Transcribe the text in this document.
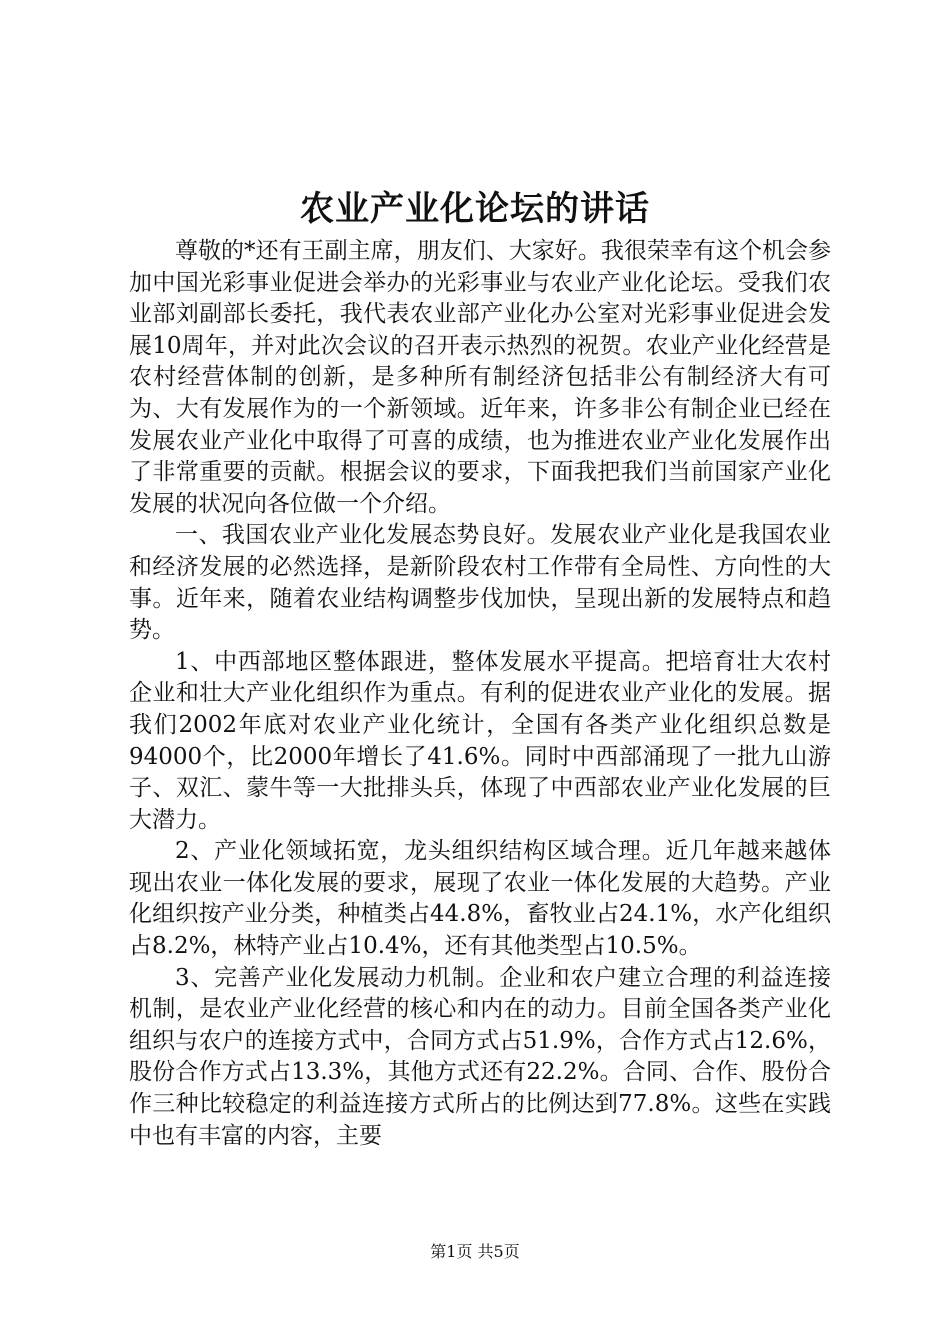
农业产业化论坛的讲话

尊敬的*还有王副主席，朋友们、大家好。我很荣幸有这个机会参加中国光彩事业促进会举办的光彩事业与农业产业化论坛。受我们农业部刘副部长委托，我代表农业部产业化办公室对光彩事业促进会发展10周年，并对此次会议的召开表示热烈的祝贺。农业产业化经营是农村经营体制的创新，是多种所有制经济包括非公有制经济大有可为、大有发展作为的一个新领域。近年来，许多非公有制企业已经在发展农业产业化中取得了可喜的成绩，也为推进农业产业化发展作出了非常重要的贡献。根据会议的要求，下面我把我们当前国家产业化发展的状况向各位做一个介绍。

一、我国农业产业化发展态势良好。发展农业产业化是我国农业和经济发展的必然选择，是新阶段农村工作带有全局性、方向性的大事。近年来，随着农业结构调整步伐加快，呈现出新的发展特点和趋势。

1、中西部地区整体跟进，整体发展水平提高。把培育壮大农村企业和壮大产业化组织作为重点。有利的促进农业产业化的发展。据我们2002年底对农业产业化统计，全国有各类产业化组织总数是94000个，比2000年增长了41.6%。同时中西部涌现了一批九山游子、双汇、蒙牛等一大批排头兵，体现了中西部农业产业化发展的巨大潜力。

2、产业化领域拓宽，龙头组织结构区域合理。近几年越来越体现出农业一体化发展的要求，展现了农业一体化发展的大趋势。产业化组织按产业分类，种植类占44.8%，畜牧业占24.1%，水产化组织占8.2%，林特产业占10.4%，还有其他类型占10.5%。

3、完善产业化发展动力机制。企业和农户建立合理的利益连接机制，是农业产业化经营的核心和内在的动力。目前全国各类产业化组织与农户的连接方式中，合同方式占51.9%，合作方式占12.6%，股份合作方式占13.3%，其他方式还有22.2%。合同、合作、股份合作三种比较稳定的利益连接方式所占的比例达到77.8%。这些在实践中也有丰富的内容，主要

第1页 共5页
